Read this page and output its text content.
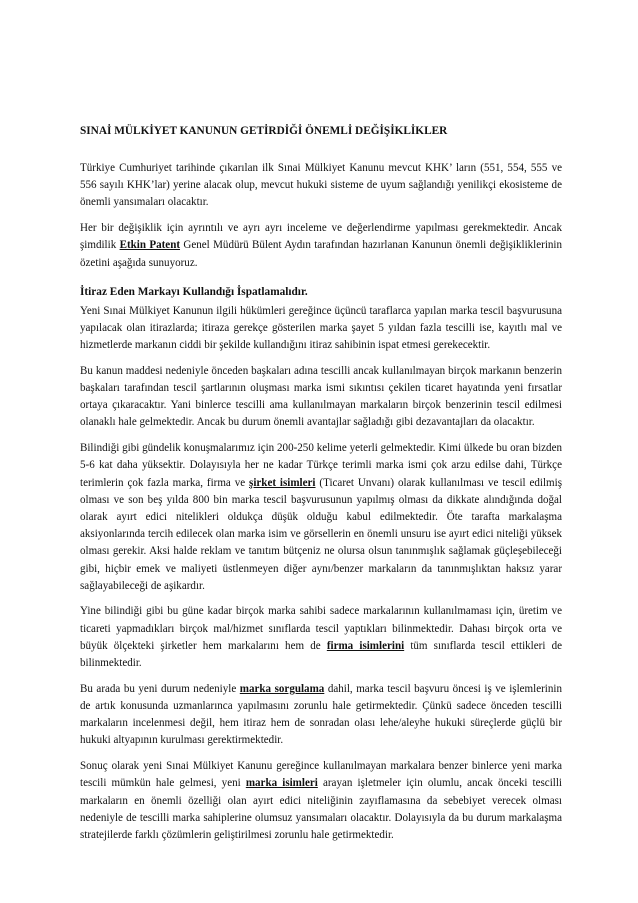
SINAİ MÜLKİYET KANUNUN GETİRDİĞİ ÖNEMLİ DEĞİŞİKLİKLER

Türkiye Cumhuriyet tarihinde çıkarılan ilk Sınai Mülkiyet Kanunu mevcut KHK’ ların (551, 554, 555 ve 556 sayılı KHK’lar) yerine alacak olup, mevcut hukuki sisteme de uyum sağlandığı yenilikçi ekosisteme de önemli yansımaları olacaktır.

Her bir değişiklik için ayrıntılı ve ayrı ayrı inceleme ve değerlendirme yapılması gerekmektedir. Ancak şimdilik Etkin Patent Genel Müdürü Bülent Aydın tarafından hazırlanan Kanunun önemli değişikliklerinin özetini aşağıda sunuyoruz.

İtiraz Eden Markayı Kullandığı İspatlamalıdır.

Yeni Sınai Mülkiyet Kanunun ilgili hükümleri gereğince üçüncü taraflarca yapılan marka tescil başvurusuna yapılacak olan itirazlarda; itiraza gerekçe gösterilen marka şayet 5 yıldan fazla tescilli ise, kayıtlı mal ve hizmetlerde markanın ciddi bir şekilde kullandığını itiraz sahibinin ispat etmesi gerekecektir.

Bu kanun maddesi nedeniyle önceden başkaları adına tescilli ancak kullanılmayan birçok markanın benzerin başkaları tarafından tescil şartlarının oluşması marka ismi sıkıntısı çekilen ticaret hayatında yeni fırsatlar ortaya çıkaracaktır. Yani binlerce tescilli ama kullanılmayan markaların birçok benzerinin tescil edilmesi olanaklı hale gelmektedir. Ancak bu durum önemli avantajlar sağladığı gibi dezavantajları da olacaktır.

Bilindiği gibi gündelik konuşmalarımız için 200-250 kelime yeterli gelmektedir. Kimi ülkede bu oran bizden 5-6 kat daha yüksektir. Dolayısıyla her ne kadar Türkçe terimli marka ismi çok arzu edilse dahi, Türkçe terimlerin çok fazla marka, firma ve şirket isimleri (Ticaret Unvanı) olarak kullanılması ve tescil edilmiş olması ve son beş yılda 800 bin marka tescil başvurusunun yapılmış olması da dikkate alındığında doğal olarak ayırt edici nitelikleri oldukça düşük olduğu kabul edilmektedir. Öte tarafta markalaşma aksiyonlarında tercih edilecek olan marka isim ve görsellerin en önemli unsuru ise ayırt edici niteliği yüksek olması gerekir. Aksi halde reklam ve tanıtım bütçeniz ne olursa olsun tanınmışlık sağlamak güçleşebileceği gibi, hiçbir emek ve maliyeti üstlenmeyen diğer aynı/benzer markaların da tanınmışlıktan haksız yarar sağlayabileceği de aşikardır.

Yine bilindiği gibi bu güne kadar birçok marka sahibi sadece markalarının kullanılmaması için, üretim ve ticareti yapmadıkları birçok mal/hizmet sınıflarda tescil yaptıkları bilinmektedir. Dahası birçok orta ve büyük ölçekteki şirketler hem markalarını hem de firma isimlerini tüm sınıflarda tescil ettikleri de bilinmektedir.

Bu arada bu yeni durum nedeniyle marka sorgulama dahil, marka tescil başvuru öncesi iş ve işlemlerinin de artık konusunda uzmanlarınca yapılmasını zorunlu hale getirmektedir. Çünkü sadece önceden tescilli markaların incelenmesi değil, hem itiraz hem de sonradan olası lehe/aleyhe hukuki süreçlerde güçlü bir hukuki altyapının kurulması gerektirmektedir.

Sonuç olarak yeni Sınai Mülkiyet Kanunu gereğince kullanılmayan markalara benzer binlerce yeni marka tescili mümkün hale gelmesi, yeni marka isimleri arayan işletmeler için olumlu, ancak önceki tescilli markaların en önemli özelliği olan ayırt edici niteliğinin zayıflamasına da sebebiyet verecek olması nedeniyle de tescilli marka sahiplerine olumsuz yansımaları olacaktır. Dolayısıyla da bu durum markalaşma stratejilerde farklı çözümlerin geliştirilmesi zorunlu hale getirmektedir.
